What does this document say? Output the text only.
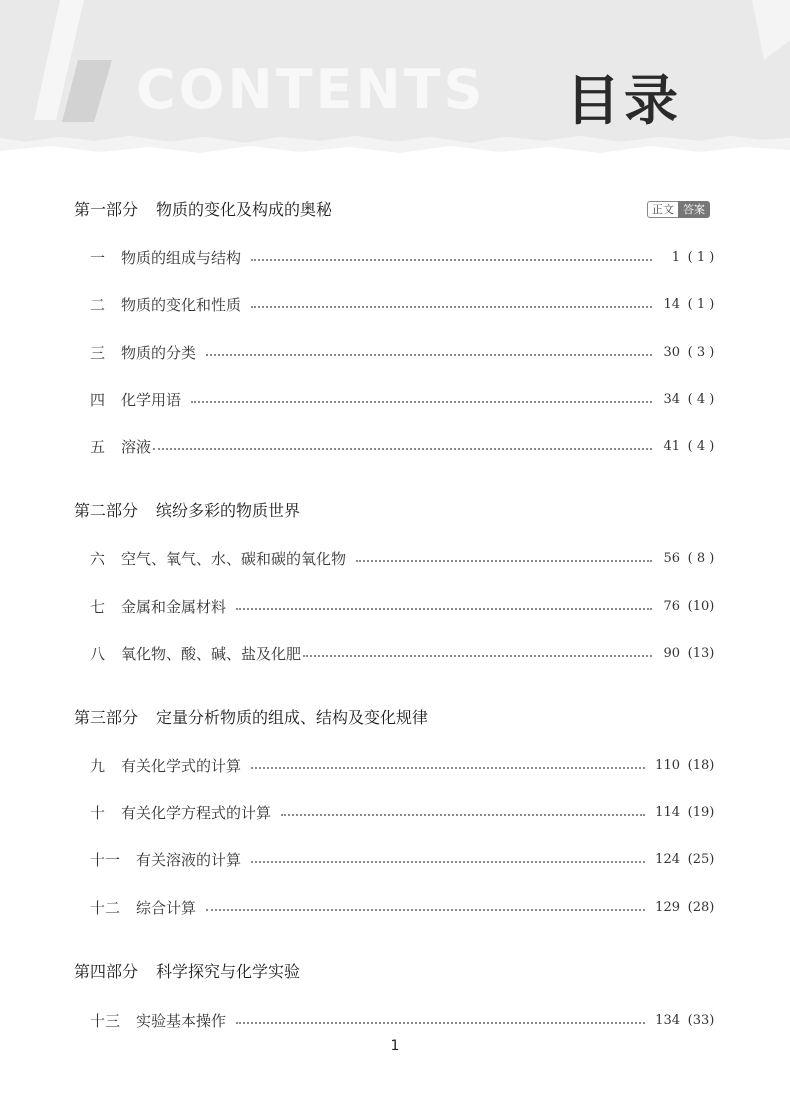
CONTENTS 目录
正文 答案
第一部分 物质的变化及构成的奥秘
一 物质的组成与结构	1 ( 1 )
二 物质的变化和性质	14 ( 1 )
三 物质的分类	30 ( 3 )
四 化学用语	34 ( 4 )
五 溶液	41 ( 4 )
第二部分 缤纷多彩的物质世界
六 空气、氧气、水、碳和碳的氧化物	56 ( 8 )
七 金属和金属材料	76 (10)
八 氧化物、酸、碱、盐及化肥	90 (13)
第三部分 定量分析物质的组成、结构及变化规律
九 有关化学式的计算	110 (18)
十 有关化学方程式的计算	114 (19)
十一 有关溶液的计算	124 (25)
十二 综合计算	129 (28)
第四部分 科学探究与化学实验
十三 实验基本操作	134 (33)
1
